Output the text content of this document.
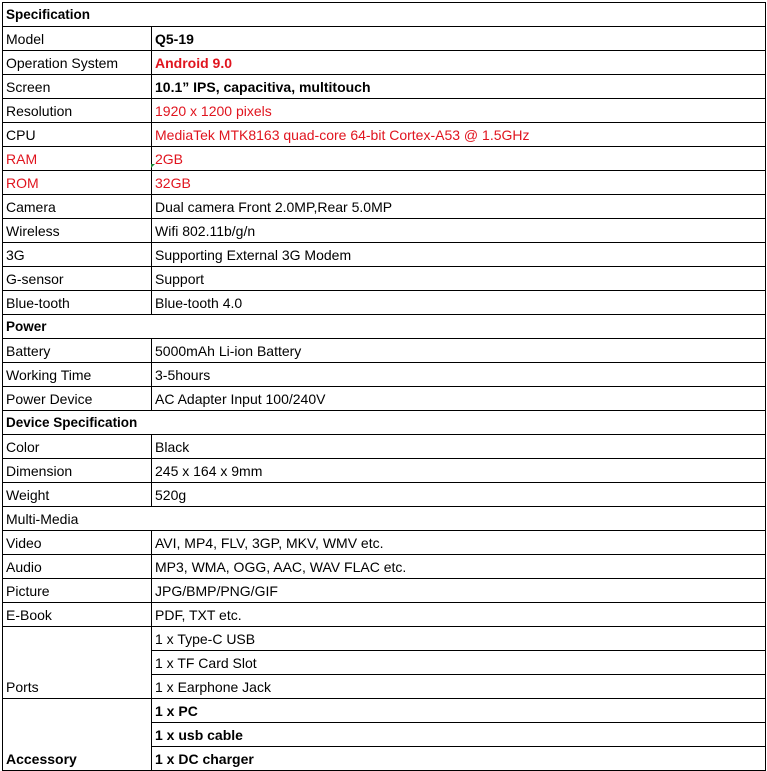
Specification	
Model	Q5-19
Operation System	Android 9.0
Screen	10.1” IPS, capacitiva, multitouch
Resolution	1920 x 1200 pixels
CPU	MediaTek MTK8163 quad-core 64-bit Cortex-A53 @ 1.5GHz
RAM	2GB
ROM	32GB
Camera	Dual camera Front 2.0MP,Rear 5.0MP
Wireless	Wifi 802.11b/g/n
3G	Supporting External 3G Modem
G-sensor	Support
Blue-tooth	Blue-tooth 4.0
Power	
Battery	5000mAh Li-ion Battery
Working Time	3-5hours
Power Device	AC Adapter Input 100/240V
Device Specification	
Color	Black
Dimension	245 x 164 x 9mm
Weight	520g
Multi-Media	
Video	AVI, MP4, FLV, 3GP, MKV, WMV etc.
Audio	MP3, WMA, OGG, AAC, WAV FLAC etc.
Picture	JPG/BMP/PNG/GIF
E-Book	PDF, TXT etc.
Ports	1 x Type-C USB
	1 x TF Card Slot
	1 x Earphone Jack
Accessory	1 x PC
	1 x usb cable
	1 x DC charger
